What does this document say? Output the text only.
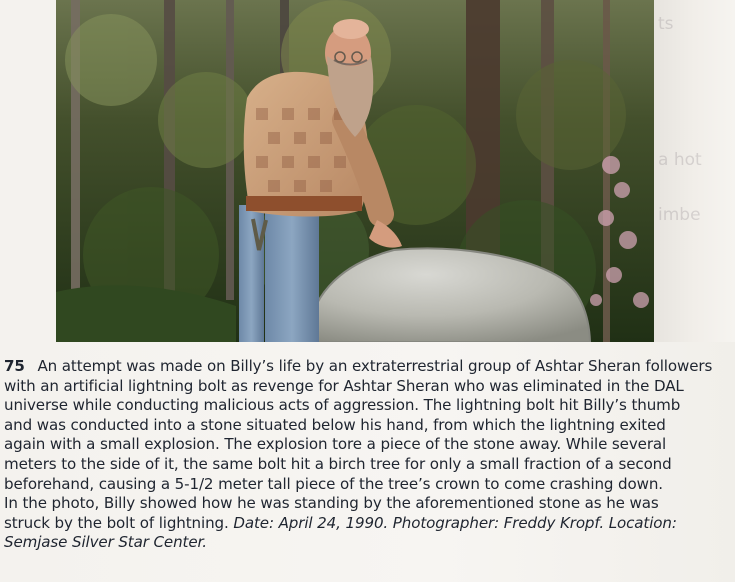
ts
a hot
imbe
75 An attempt was made on Billy’s life by an extraterrestrial group of Ashtar Sheran followers
with an artificial lightning bolt as revenge for Ashtar Sheran who was eliminated in the DAL
universe while conducting malicious acts of aggression. The lightning bolt hit Billy’s thumb
and was conducted into a stone situated below his hand, from which the lightning exited
again with a small explosion. The explosion tore a piece of the stone away. While several
meters to the side of it, the same bolt hit a birch tree for only a small fraction of a second
beforehand, causing a 5-1/2 meter tall piece of the tree’s crown to come crashing down.
In the photo, Billy showed how he was standing by the aforementioned stone as he was
struck by the bolt of lightning. Date: April 24, 1990. Photographer: Freddy Kropf. Location:
Semjase Silver Star Center.
